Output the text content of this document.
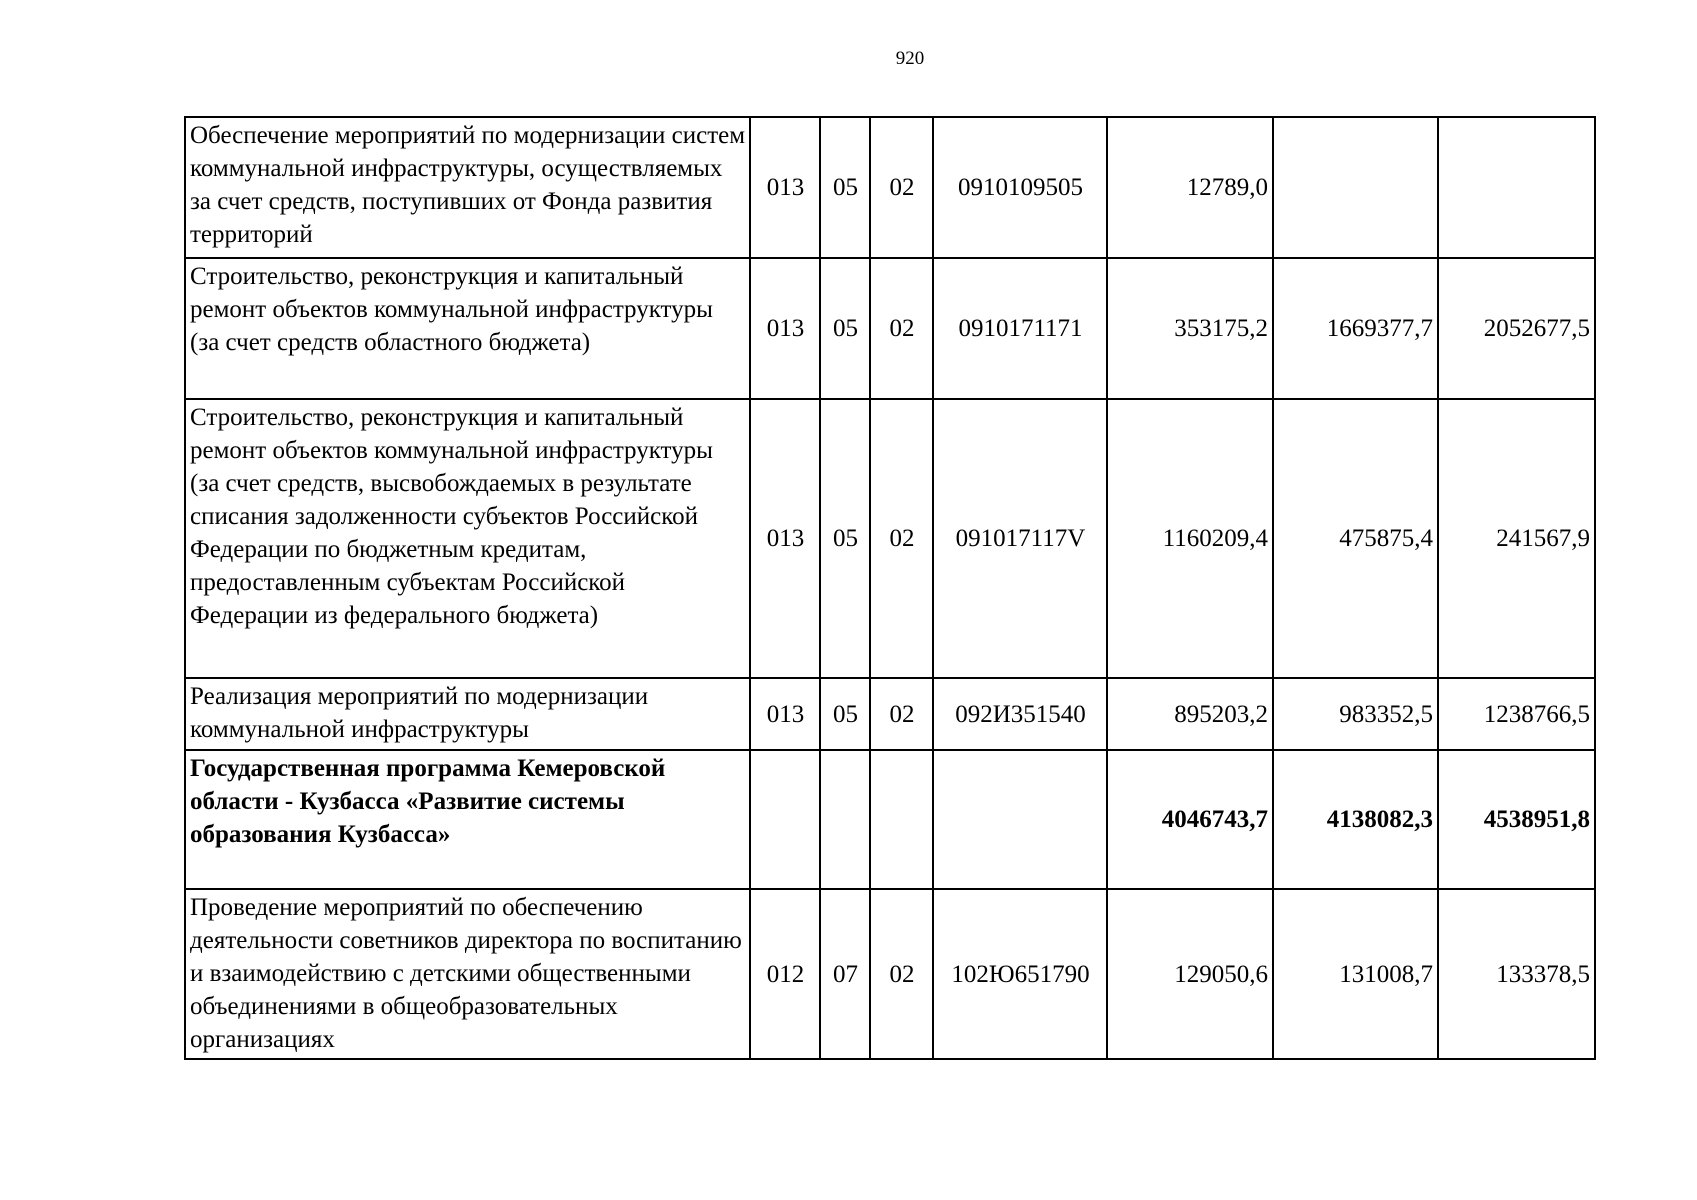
920
Обеспечение мероприятий по модернизации систем коммунальной инфраструктуры, осуществляемых за счет средств, поступивших от Фонда развития территорий	013	05	02	0910109505	12789,0		
Строительство, реконструкция и капитальный ремонт объектов коммунальной инфраструктуры (за счет средств областного бюджета)	013	05	02	0910171171	353175,2	1669377,7	2052677,5
Строительство, реконструкция и капитальный ремонт объектов коммунальной инфраструктуры (за счет средств, высвобождаемых в результате списания задолженности субъектов Российской Федерации по бюджетным кредитам, предоставленным субъектам Российской Федерации из федерального бюджета)	013	05	02	091017117V	1160209,4	475875,4	241567,9
Реализация мероприятий по модернизации коммунальной инфраструктуры	013	05	02	092И351540	895203,2	983352,5	1238766,5
Государственная программа Кемеровской области - Кузбасса «Развитие системы образования Кузбасса»					4046743,7	4138082,3	4538951,8
Проведение мероприятий по обеспечению деятельности советников директора по воспитанию и взаимодействию с детскими общественными объединениями в общеобразовательных организациях	012	07	02	102Ю651790	129050,6	131008,7	133378,5
